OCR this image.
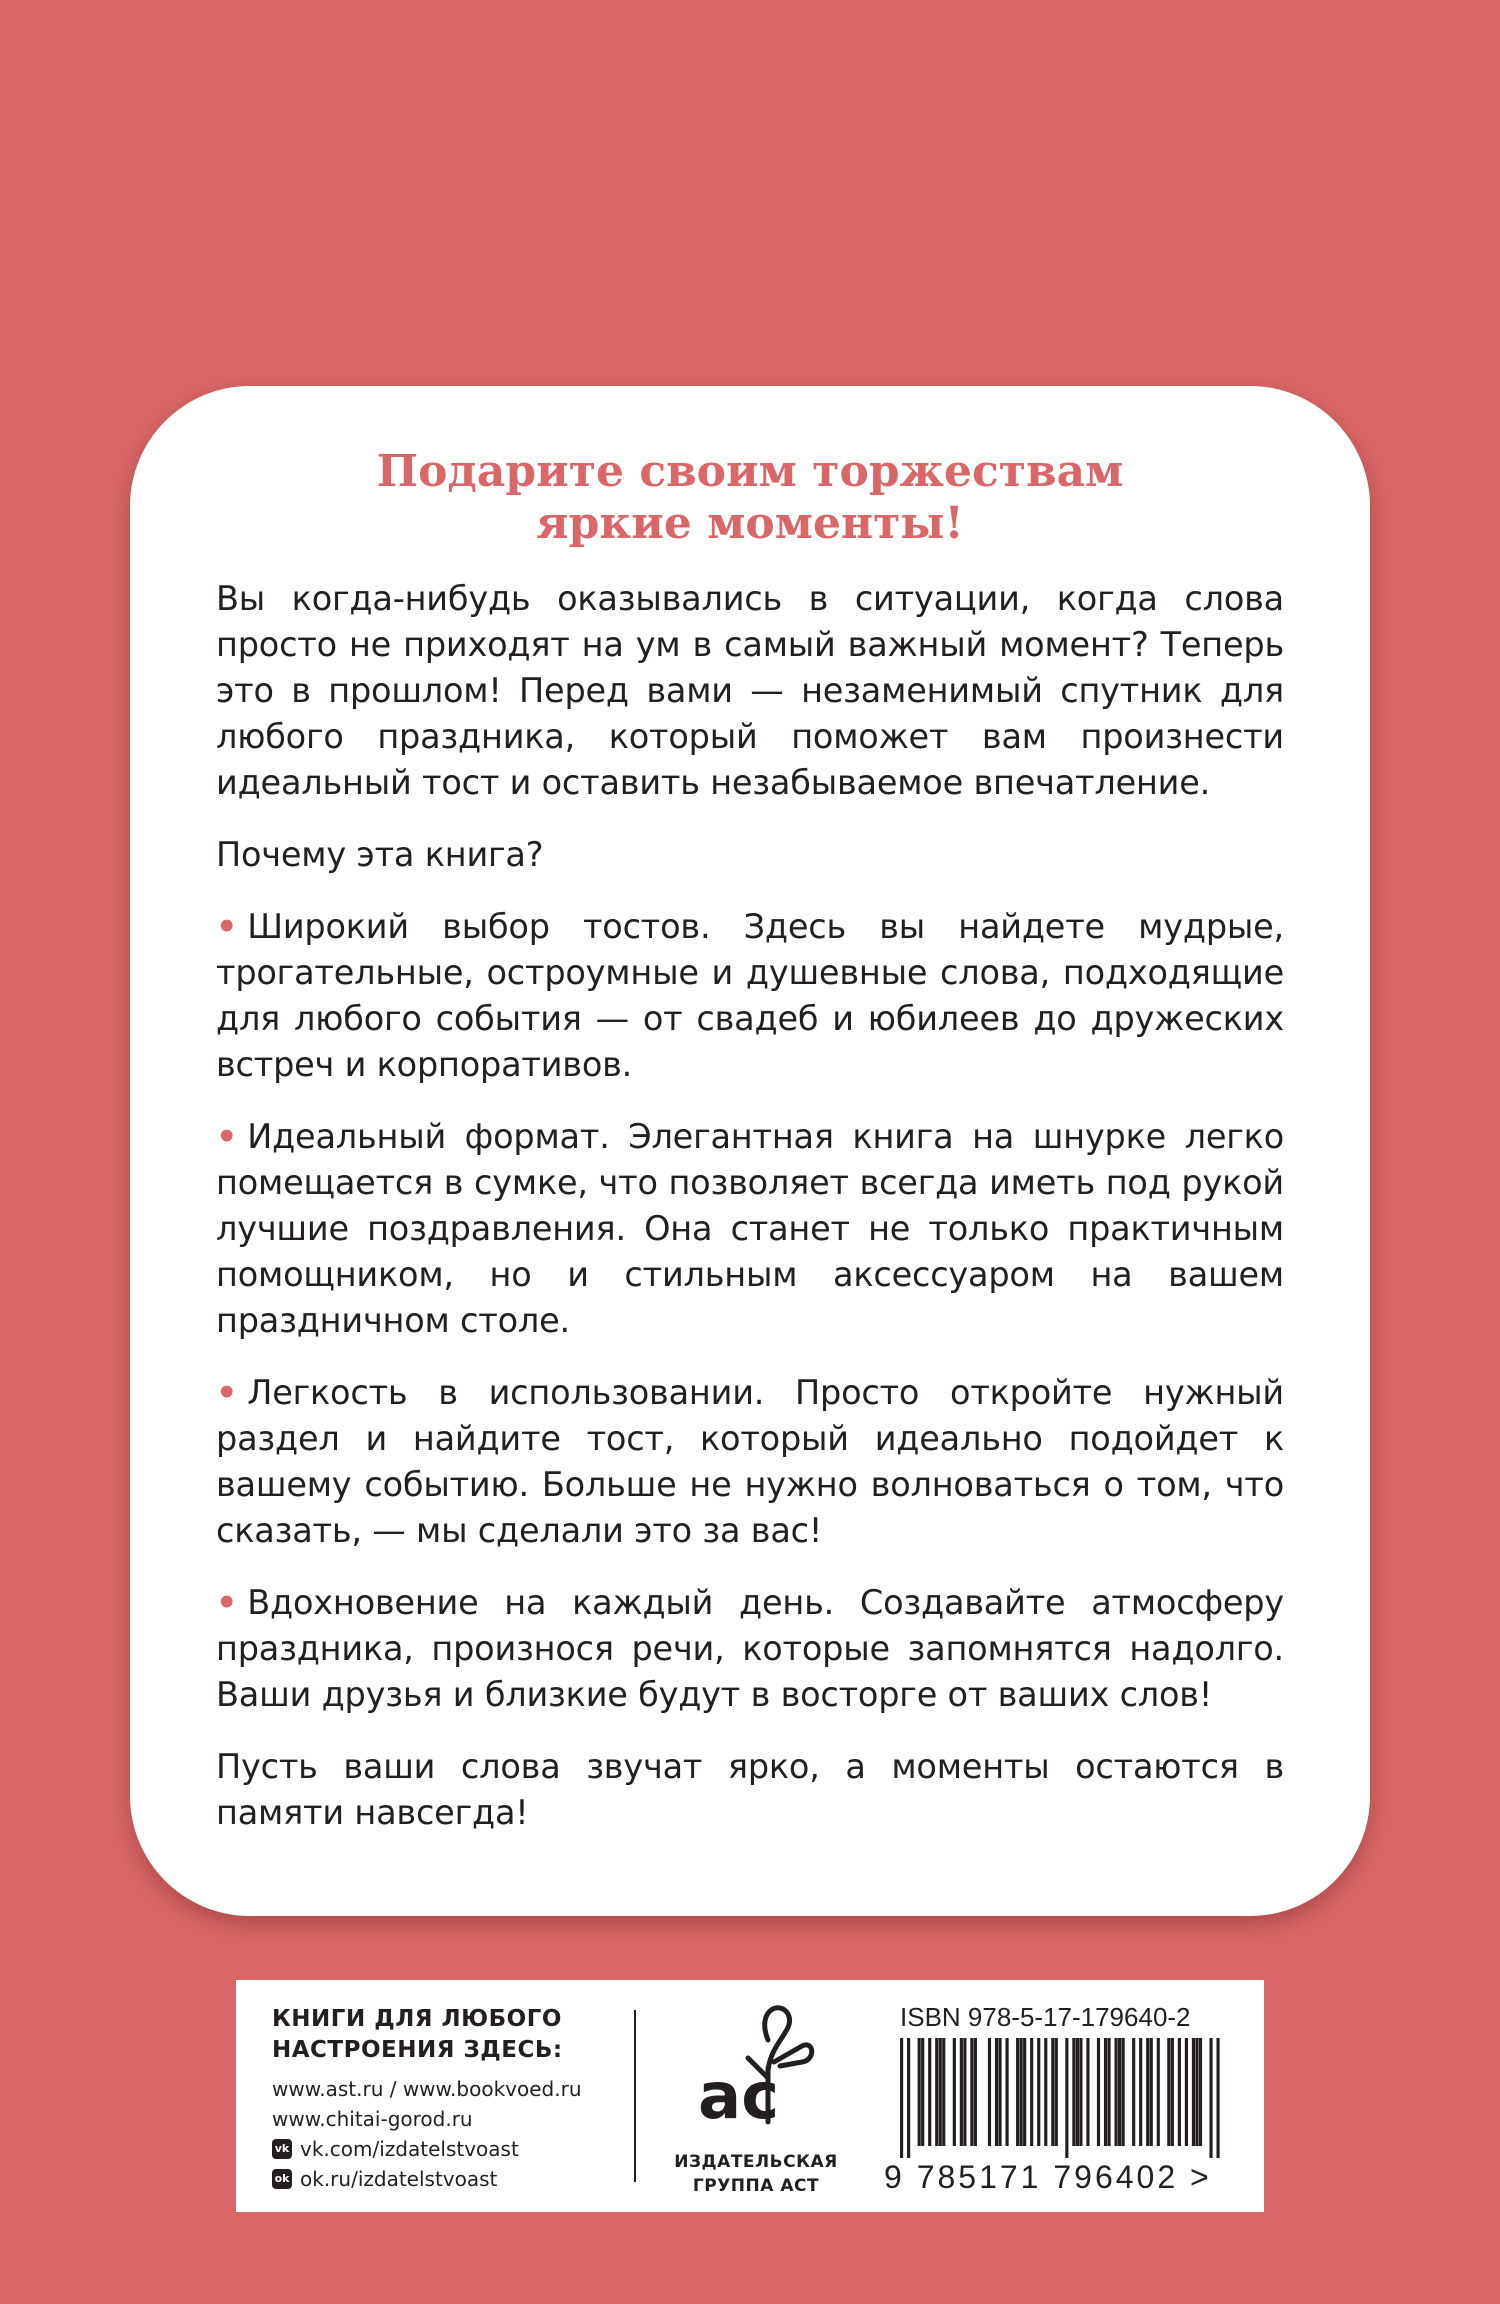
Подарите своим торжествам
яркие моменты!

Вы когда-нибудь оказывались в ситуации, когда слова просто не приходят на ум в самый важный момент? Теперь это в прошлом! Перед вами — незаменимый спутник для любого праздника, который поможет вам произнести идеальный тост и оставить незабываемое впечатление.

Почему эта книга?

• Широкий выбор тостов. Здесь вы найдете мудрые, трогательные, остроумные и душевные слова, подходящие для любого события — от свадеб и юбилеев до дружеских встреч и корпоративов.

• Идеальный формат. Элегантная книга на шнурке легко помещается в сумке, что позволяет всегда иметь под рукой лучшие поздравления. Она станет не только практичным помощником, но и стильным аксессуаром на вашем праздничном столе.

• Легкость в использовании. Просто откройте нужный раздел и найдите тост, который идеально подойдет к вашему событию. Больше не нужно волноваться о том, что сказать, — мы сделали это за вас!

• Вдохновение на каждый день. Создавайте атмосферу праздника, произнося речи, которые запомнятся надолго. Ваши друзья и близкие будут в восторге от ваших слов!

Пусть ваши слова звучат ярко, а моменты остаются в памяти навсегда!

КНИГИ ДЛЯ ЛЮБОГО
НАСТРОЕНИЯ ЗДЕСЬ:
www.ast.ru / www.bookvoed.ru
www.chitai-gorod.ru
vk vk.com/izdatelstvoast
ok ok.ru/izdatelstvoast
ас
ИЗДАТЕЛЬСКАЯ
ГРУППА АСТ
ISBN 978-5-17-179640-2
9 785171 796402 >
